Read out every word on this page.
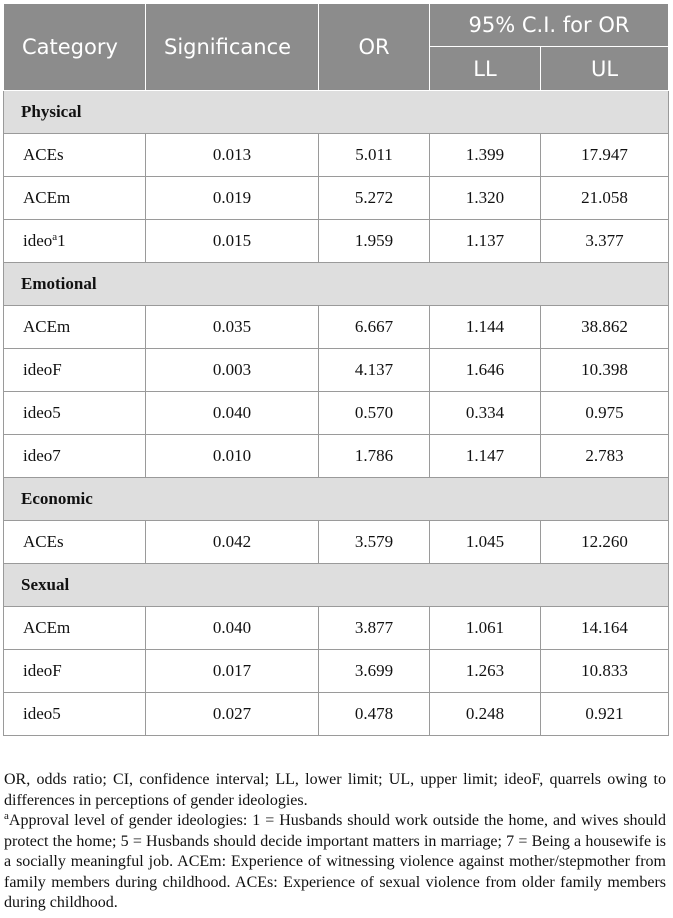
Category	Significance	OR	95% C.I. for OR	
			LL	UL
Physical				
ACEs	0.013	5.011	1.399	17.947
ACEm	0.019	5.272	1.320	21.058
ideo$^a$1	0.015	1.959	1.137	3.377
Emotional				
ACEm	0.035	6.667	1.144	38.862
ideoF	0.003	4.137	1.646	10.398
ideo5	0.040	0.570	0.334	0.975
ideo7	0.010	1.786	1.147	2.783
Economic				
ACEs	0.042	3.579	1.045	12.260
Sexual				
ACEm	0.040	3.877	1.061	14.164
ideoF	0.017	3.699	1.263	10.833
ideo5	0.027	0.478	0.248	0.921

OR, odds ratio; CI, confidence interval; LL, lower limit; UL, upper limit; ideoF, quarrels owing to differences in perceptions of gender ideologies.

$^a$Approval level of gender ideologies: 1 = Husbands should work outside the home, and wives should protect the home; 5 = Husbands should decide important matters in marriage; 7 = Being a housewife is a socially meaningful job. ACEm: Experience of witnessing violence against mother/stepmother from family members during childhood. ACEs: Experience of sexual violence from older family members during childhood.
